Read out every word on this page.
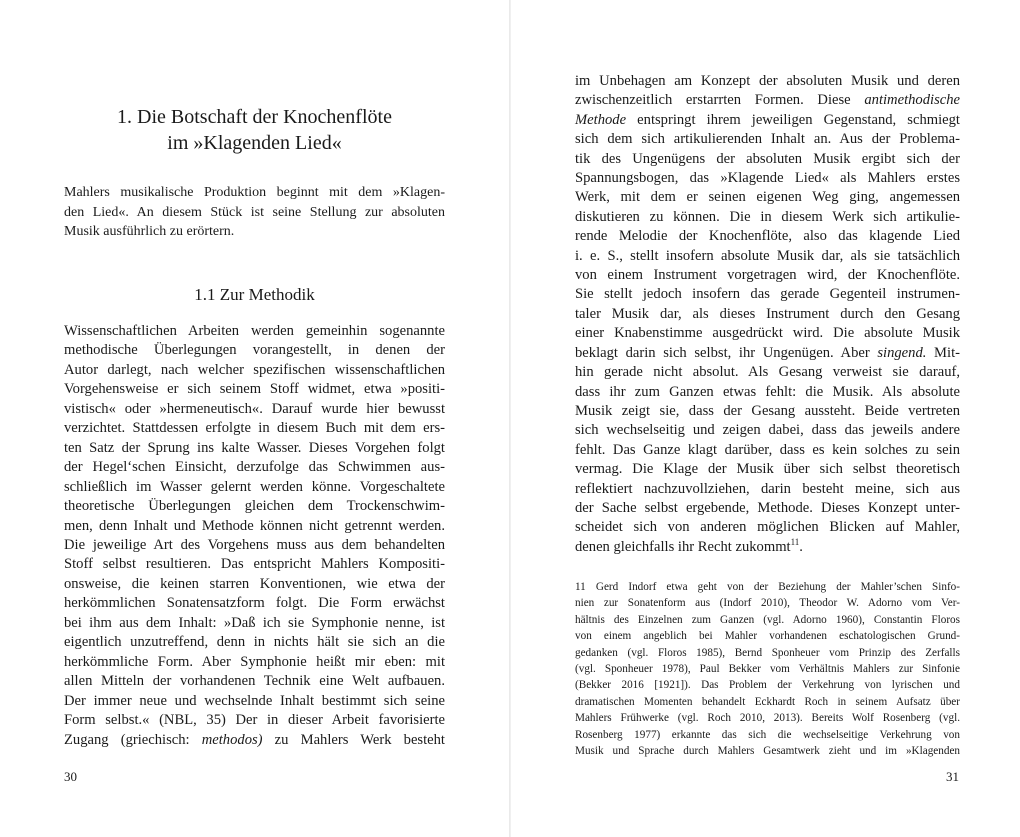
1. Die Botschaft der Knochenflöte
im »Klagenden Lied«
Mahlers musikalische Produktion beginnt mit dem »Klagen-
den Lied«. An diesem Stück ist seine Stellung zur absoluten
Musik ausführlich zu erörtern.
1.1 Zur Methodik
Wissenschaftlichen Arbeiten werden gemeinhin sogenannte
methodische Überlegungen vorangestellt, in denen der
Autor darlegt, nach welcher spezifischen wissenschaftlichen
Vorgehensweise er sich seinem Stoff widmet, etwa »positi-
vistisch« oder »hermeneutisch«. Darauf wurde hier bewusst
verzichtet. Stattdessen erfolgte in diesem Buch mit dem ers-
ten Satz der Sprung ins kalte Wasser. Dieses Vorgehen folgt
der Hegel‘schen Einsicht, derzufolge das Schwimmen aus-
schließlich im Wasser gelernt werden könne. Vorgeschaltete
theoretische Überlegungen gleichen dem Trockenschwim-
men, denn Inhalt und Methode können nicht getrennt werden.
Die jeweilige Art des Vorgehens muss aus dem behandelten
Stoff selbst resultieren. Das entspricht Mahlers Kompositi-
onsweise, die keinen starren Konventionen, wie etwa der
herkömmlichen Sonatensatzform folgt. Die Form erwächst
bei ihm aus dem Inhalt: »Daß ich sie Symphonie nenne, ist
eigentlich unzutreffend, denn in nichts hält sie sich an die
herkömmliche Form. Aber Symphonie heißt mir eben: mit
allen Mitteln der vorhandenen Technik eine Welt aufbauen.
Der immer neue und wechselnde Inhalt bestimmt sich seine
Form selbst.« (NBL, 35) Der in dieser Arbeit favorisierte
Zugang (griechisch: methodos) zu Mahlers Werk besteht
30
im Unbehagen am Konzept der absoluten Musik und deren
zwischenzeitlich erstarrten Formen. Diese antimethodische
Methode entspringt ihrem jeweiligen Gegenstand, schmiegt
sich dem sich artikulierenden Inhalt an. Aus der Problema-
tik des Ungenügens der absoluten Musik ergibt sich der
Spannungsbogen, das »Klagende Lied« als Mahlers erstes
Werk, mit dem er seinen eigenen Weg ging, angemessen
diskutieren zu können. Die in diesem Werk sich artikulie-
rende Melodie der Knochenflöte, also das klagende Lied
i. e. S., stellt insofern absolute Musik dar, als sie tatsächlich
von einem Instrument vorgetragen wird, der Knochenflöte.
Sie stellt jedoch insofern das gerade Gegenteil instrumen-
taler Musik dar, als dieses Instrument durch den Gesang
einer Knabenstimme ausgedrückt wird. Die absolute Musik
beklagt darin sich selbst, ihr Ungenügen. Aber singend. Mit-
hin gerade nicht absolut. Als Gesang verweist sie darauf,
dass ihr zum Ganzen etwas fehlt: die Musik. Als absolute
Musik zeigt sie, dass der Gesang aussteht. Beide vertreten
sich wechselseitig und zeigen dabei, dass das jeweils andere
fehlt. Das Ganze klagt darüber, dass es kein solches zu sein
vermag. Die Klage der Musik über sich selbst theoretisch
reflektiert nachzuvollziehen, darin besteht meine, sich aus
der Sache selbst ergebende, Methode. Dieses Konzept unter-
scheidet sich von anderen möglichen Blicken auf Mahler,
denen gleichfalls ihr Recht zukommt$^{11}$.
11 Gerd Indorf etwa geht von der Beziehung der Mahler’schen Sinfo-
nien zur Sonatenform aus (Indorf 2010), Theodor W. Adorno vom Ver-
hältnis des Einzelnen zum Ganzen (vgl. Adorno 1960), Constantin Floros
von einem angeblich bei Mahler vorhandenen eschatologischen Grund-
gedanken (vgl. Floros 1985), Bernd Sponheuer vom Prinzip des Zerfalls
(vgl. Sponheuer 1978), Paul Bekker vom Verhältnis Mahlers zur Sinfonie
(Bekker 2016 [1921]). Das Problem der Verkehrung von lyrischen und
dramatischen Momenten behandelt Eckhardt Roch in seinem Aufsatz über
Mahlers Frühwerke (vgl. Roch 2010, 2013). Bereits Wolf Rosenberg (vgl.
Rosenberg 1977) erkannte das sich die wechselseitige Verkehrung von
Musik und Sprache durch Mahlers Gesamtwerk zieht und im »Klagenden
31
